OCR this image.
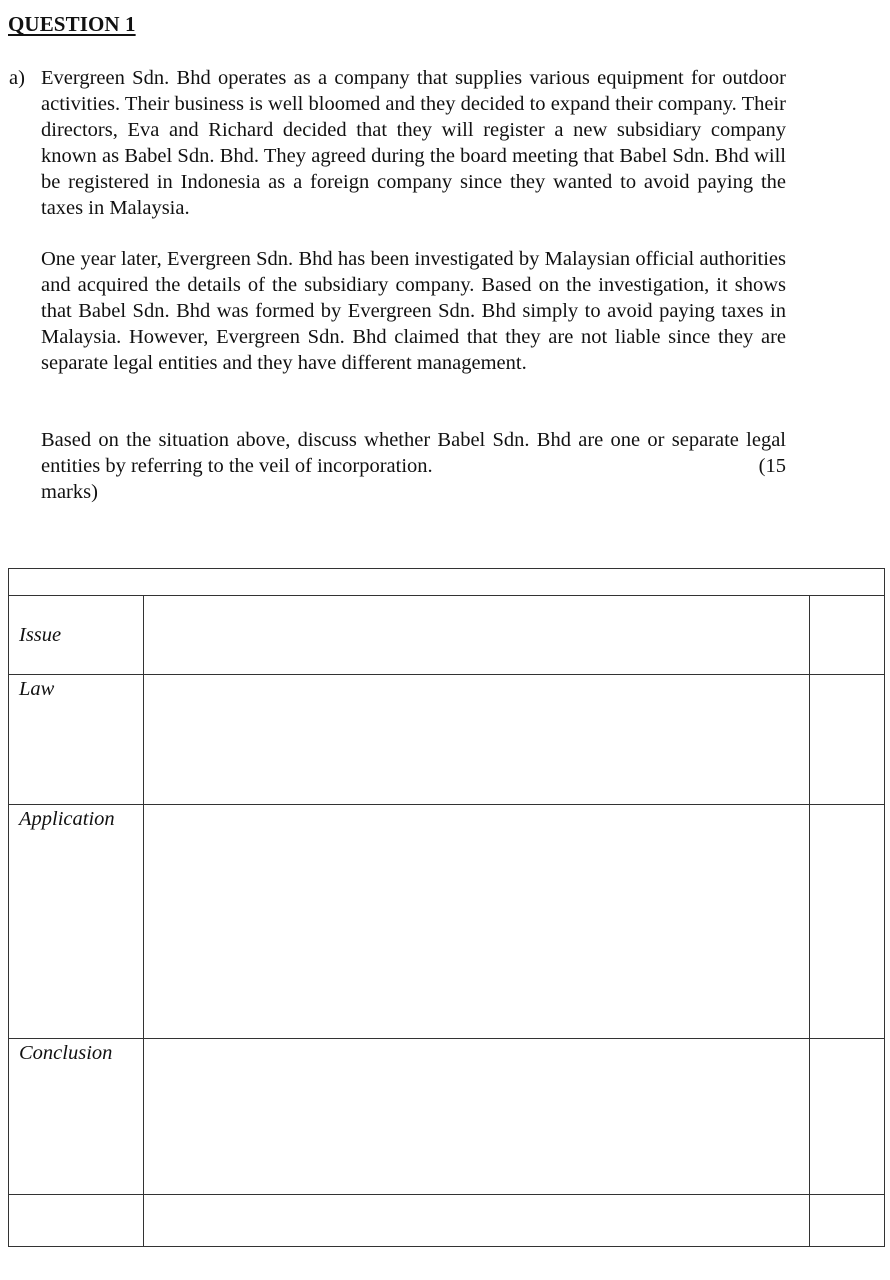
QUESTION 1
a) Evergreen Sdn. Bhd operates as a company that supplies various equipment for outdoor activities. Their business is well bloomed and they decided to expand their company. Their directors, Eva and Richard decided that they will register a new subsidiary company known as Babel Sdn. Bhd. They agreed during the board meeting that Babel Sdn. Bhd will be registered in Indonesia as a foreign company since they wanted to avoid paying the taxes in Malaysia.

One year later, Evergreen Sdn. Bhd has been investigated by Malaysian official authorities and acquired the details of the subsidiary company. Based on the investigation, it shows that Babel Sdn. Bhd was formed by Evergreen Sdn. Bhd simply to avoid paying taxes in Malaysia. However, Evergreen Sdn. Bhd claimed that they are not liable since they are separate legal entities and they have different management.

Based on the situation above, discuss whether Babel Sdn. Bhd are one or separate legal entities by referring to the veil of incorporation.	(15
marks)

Issue
Law
Application
Conclusion
